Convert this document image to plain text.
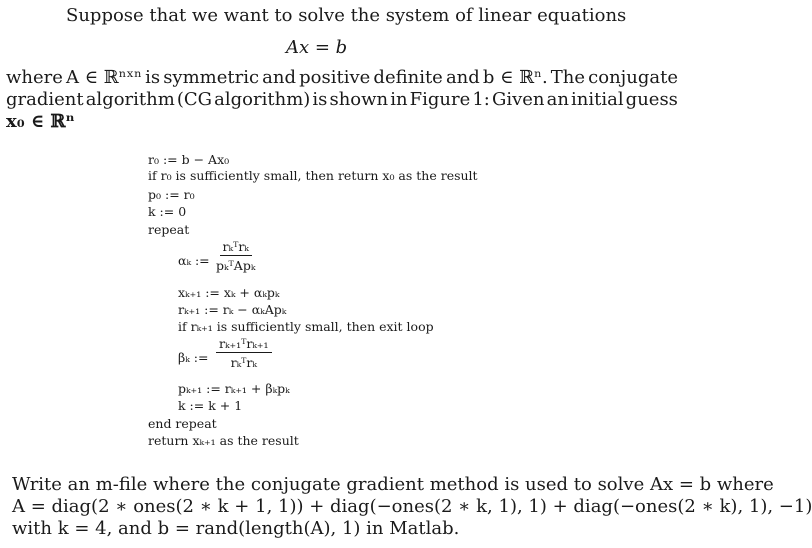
Suppose that we want to solve the system of linear equations
Ax = b
where A ∈ ℝⁿˣⁿ is symmetric and positive definite and b ∈ ℝⁿ. The conjugate
gradient algorithm (CG algorithm) is shown in Figure 1: Given an initial guess
x₀ ∈ ℝⁿ
r₀ := b − Ax₀
if r₀ is sufficiently small, then return x₀ as the result
p₀ := r₀
k := 0
repeat
αₖ :=
rₖᵀrₖ
pₖᵀApₖ
xₖ₊₁ := xₖ + αₖpₖ
rₖ₊₁ := rₖ − αₖApₖ
if rₖ₊₁ is sufficiently small, then exit loop
βₖ :=
rₖ₊₁ᵀrₖ₊₁
rₖᵀrₖ
pₖ₊₁ := rₖ₊₁ + βₖpₖ
k := k + 1
end repeat
return xₖ₊₁ as the result
Write an m-file where the conjugate gradient method is used to solve Ax = b where
A = diag(2 ∗ ones(2 ∗ k + 1, 1)) + diag(−ones(2 ∗ k, 1), 1) + diag(−ones(2 ∗ k), 1), −1)
with k = 4, and b = rand(length(A), 1) in Matlab.
